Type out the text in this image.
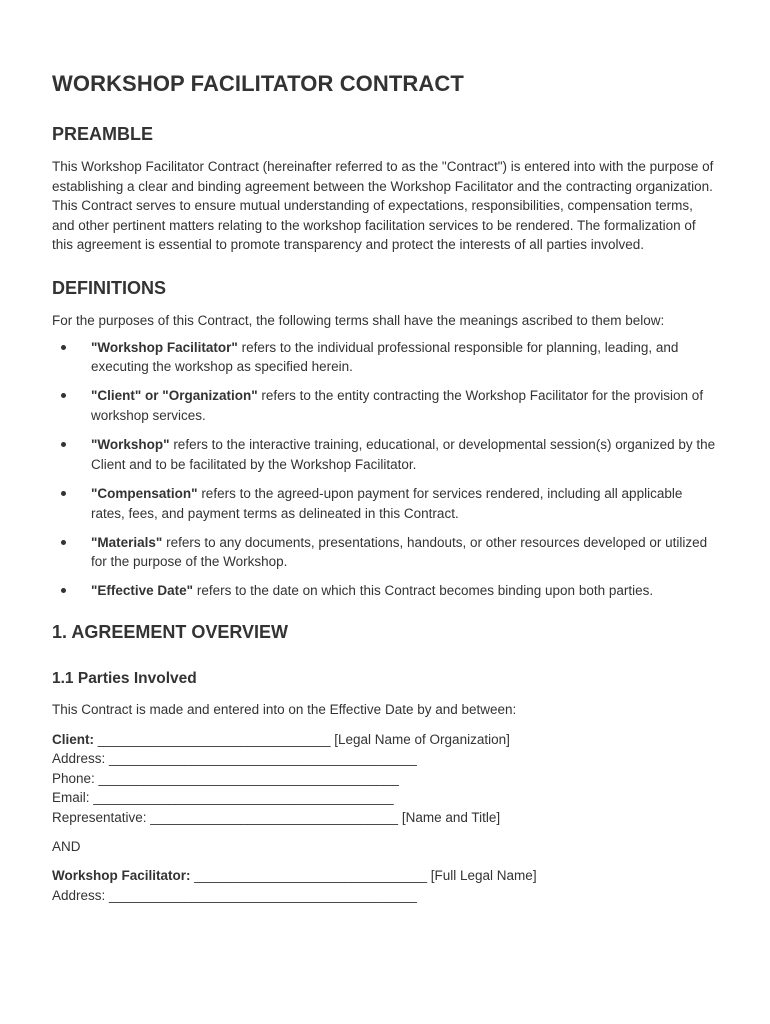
WORKSHOP FACILITATOR CONTRACT
PREAMBLE

This Workshop Facilitator Contract (hereinafter referred to as the "Contract") is entered into with the purpose of establishing a clear and binding agreement between the Workshop Facilitator and the contracting organization. This Contract serves to ensure mutual understanding of expectations, responsibilities, compensation terms, and other pertinent matters relating to the workshop facilitation services to be rendered. The formalization of this agreement is essential to promote transparency and protect the interests of all parties involved.

DEFINITIONS

For the purposes of this Contract, the following terms shall have the meanings ascribed to them below:

"Workshop Facilitator" refers to the individual professional responsible for planning, leading, and executing the workshop as specified herein.
"Client" or "Organization" refers to the entity contracting the Workshop Facilitator for the provision of workshop services.
"Workshop" refers to the interactive training, educational, or developmental session(s) organized by the Client and to be facilitated by the Workshop Facilitator.
"Compensation" refers to the agreed-upon payment for services rendered, including all applicable rates, fees, and payment terms as delineated in this Contract.
"Materials" refers to any documents, presentations, handouts, or other resources developed or utilized for the purpose of the Workshop.
"Effective Date" refers to the date on which this Contract becomes binding upon both parties.
1. AGREEMENT OVERVIEW
1.1 Parties Involved

This Contract is made and entered into on the Effective Date by and between:

Client: _______________________________ [Legal Name of Organization]
Address: _________________________________________
Phone: ________________________________________
Email: ________________________________________
Representative: _________________________________ [Name and Title]
AND
Workshop Facilitator: _______________________________ [Full Legal Name]
Address: _________________________________________
